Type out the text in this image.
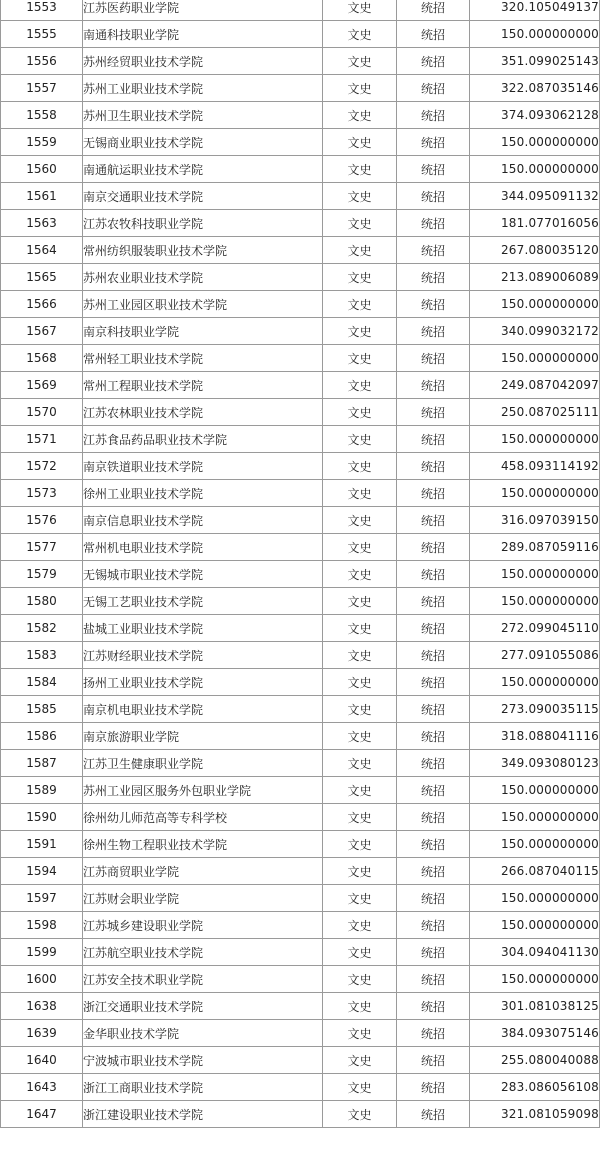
1553	江苏医药职业学院	文史	统招	320.105049137
1555	南通科技职业学院	文史	统招	150.000000000
1556	苏州经贸职业技术学院	文史	统招	351.099025143
1557	苏州工业职业技术学院	文史	统招	322.087035146
1558	苏州卫生职业技术学院	文史	统招	374.093062128
1559	无锡商业职业技术学院	文史	统招	150.000000000
1560	南通航运职业技术学院	文史	统招	150.000000000
1561	南京交通职业技术学院	文史	统招	344.095091132
1563	江苏农牧科技职业学院	文史	统招	181.077016056
1564	常州纺织服装职业技术学院	文史	统招	267.080035120
1565	苏州农业职业技术学院	文史	统招	213.089006089
1566	苏州工业园区职业技术学院	文史	统招	150.000000000
1567	南京科技职业学院	文史	统招	340.099032172
1568	常州轻工职业技术学院	文史	统招	150.000000000
1569	常州工程职业技术学院	文史	统招	249.087042097
1570	江苏农林职业技术学院	文史	统招	250.087025111
1571	江苏食品药品职业技术学院	文史	统招	150.000000000
1572	南京铁道职业技术学院	文史	统招	458.093114192
1573	徐州工业职业技术学院	文史	统招	150.000000000
1576	南京信息职业技术学院	文史	统招	316.097039150
1577	常州机电职业技术学院	文史	统招	289.087059116
1579	无锡城市职业技术学院	文史	统招	150.000000000
1580	无锡工艺职业技术学院	文史	统招	150.000000000
1582	盐城工业职业技术学院	文史	统招	272.099045110
1583	江苏财经职业技术学院	文史	统招	277.091055086
1584	扬州工业职业技术学院	文史	统招	150.000000000
1585	南京机电职业技术学院	文史	统招	273.090035115
1586	南京旅游职业学院	文史	统招	318.088041116
1587	江苏卫生健康职业学院	文史	统招	349.093080123
1589	苏州工业园区服务外包职业学院	文史	统招	150.000000000
1590	徐州幼儿师范高等专科学校	文史	统招	150.000000000
1591	徐州生物工程职业技术学院	文史	统招	150.000000000
1594	江苏商贸职业学院	文史	统招	266.087040115
1597	江苏财会职业学院	文史	统招	150.000000000
1598	江苏城乡建设职业学院	文史	统招	150.000000000
1599	江苏航空职业技术学院	文史	统招	304.094041130
1600	江苏安全技术职业学院	文史	统招	150.000000000
1638	浙江交通职业技术学院	文史	统招	301.081038125
1639	金华职业技术学院	文史	统招	384.093075146
1640	宁波城市职业技术学院	文史	统招	255.080040088
1643	浙江工商职业技术学院	文史	统招	283.086056108
1647	浙江建设职业技术学院	文史	统招	321.081059098
